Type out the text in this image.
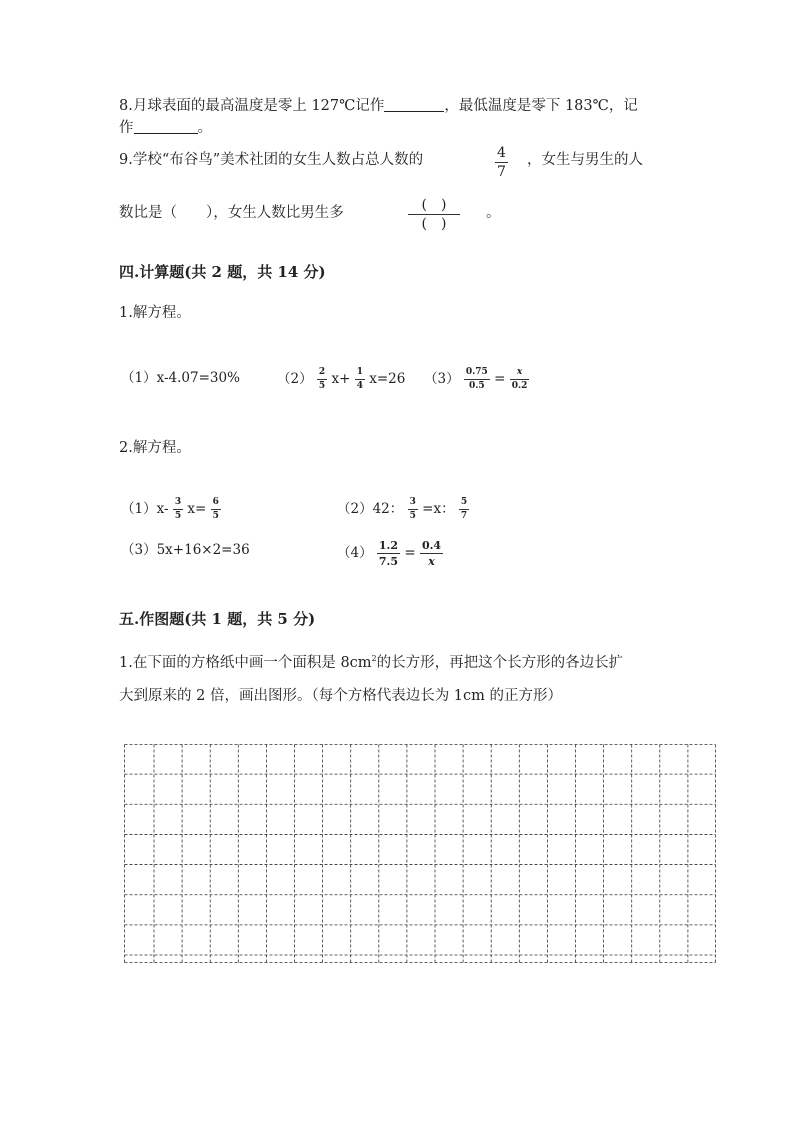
8.月球表面的最高温度是零上 127℃记作	，最低温度是零下 183℃，记
作	。
9.学校“布谷鸟”美术社团的女生人数占总人数的	$\frac{4}{7}$ ，女生与男生的人
数比是（　　），女生人数比男生多	$\frac{( )}{( )}$ 。
四.计算题(共 2 题，共 14 分)
1.解方程。
（1）x-4.07=30%	$(2) \frac{2}{5} x+ \frac{1}{4} x=26$ $(3) \frac{0.75}{0.5} = \frac{x}{0.2}$
2.解方程。
$(1)x- \frac{3}{5} x= \frac{6}{5}$	（2）42： $\frac{3}{5} =x$： $\frac{5}{7}$
（3）5x+16×2=36	$(4) \frac{1.2}{7.5} = \frac{0.4}{x}$
五.作图题(共 1 题，共 5 分)
1.在下面的方格纸中画一个面积是 $8cm^2$的长方形，再把这个长方形的各边长扩
大到原来的 2 倍，画出图形。（每个方格代表边长为 1cm 的正方形）
